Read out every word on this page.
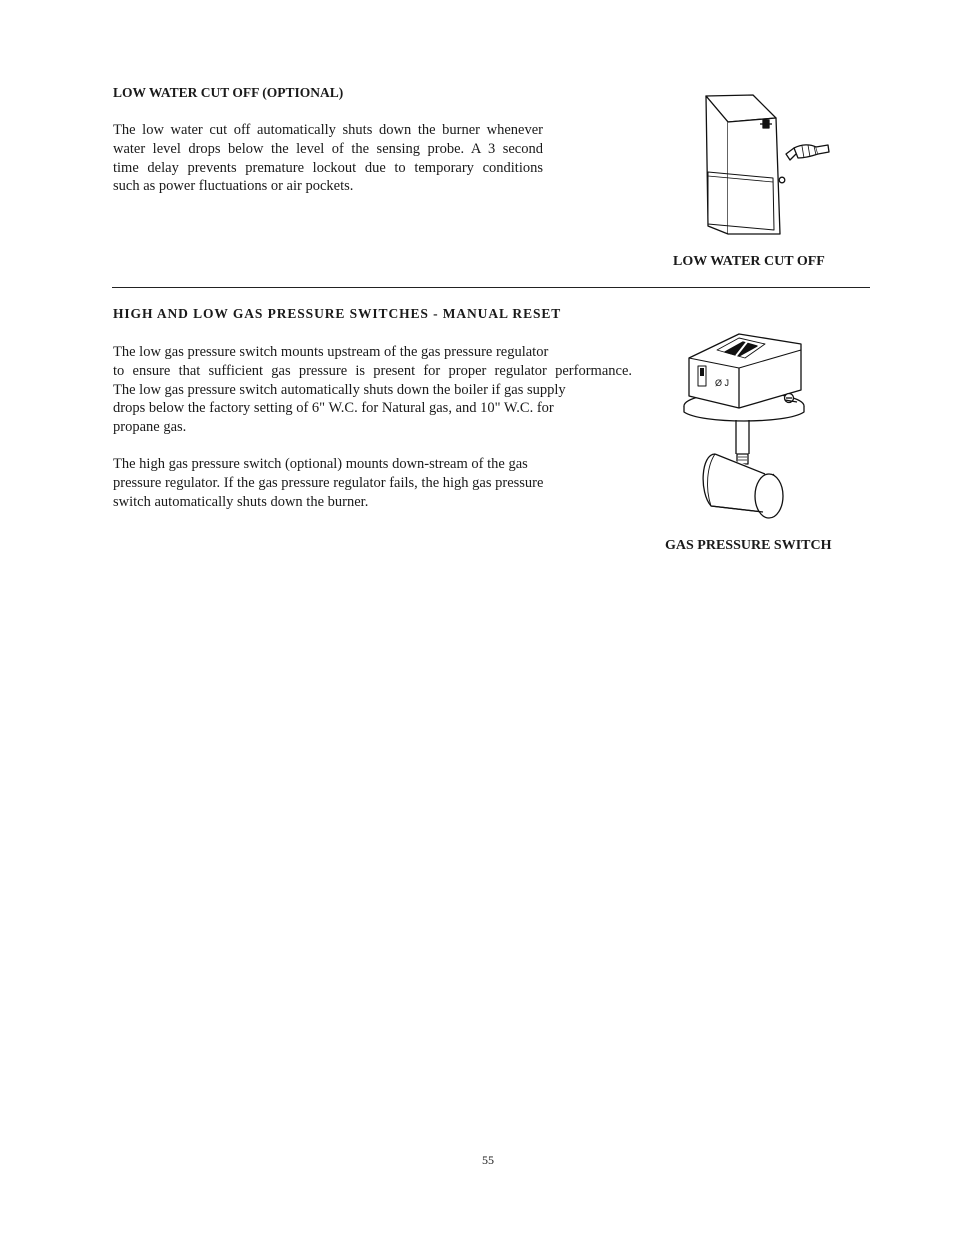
LOW WATER CUT OFF (OPTIONAL)
The low water cut off automatically shuts down the burner whenever
water level drops below the level of the sensing probe. A 3 second
time delay prevents premature lockout due to temporary conditions
such as power fluctuations or air pockets.

LOW WATER CUT OFF

HIGH AND LOW GAS PRESSURE SWITCHES - MANUAL RESET
The low gas pressure switch mounts upstream of the gas pressure regulator
to ensure that sufficient gas pressure is present for proper regulator performance.
The low gas pressure switch automatically shuts down the boiler if gas supply
drops below the factory setting of 6" W.C. for Natural gas, and 10" W.C. for
propane gas.
The high gas pressure switch (optional) mounts down-stream of the gas
pressure regulator. If the gas pressure regulator fails, the high gas pressure
switch automatically shuts down the burner.
Ø J

GAS PRESSURE SWITCH

55
